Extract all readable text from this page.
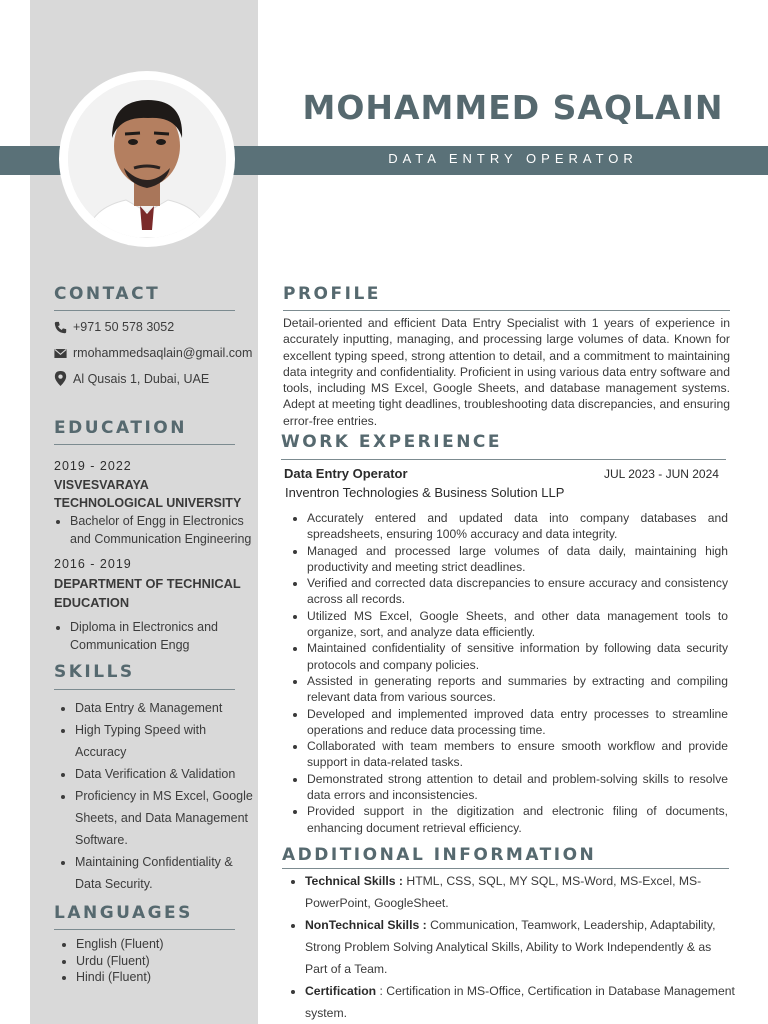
MOHAMMED SAQLAIN
DATA ENTRY OPERATOR
CONTACT
+971 50 578 3052
rmohammedsaqlain@gmail.com
Al Qusais 1, Dubai, UAE
EDUCATION
2019 - 2022
VISVESVARAYA
TECHNOLOGICAL UNIVERSITY
• Bachelor of Engg in Electronics
and Communication Engineering
2016 - 2019
DEPARTMENT OF TECHNICAL
EDUCATION
• Diploma in Electronics and
Communication Engg
SKILLS
• Data Entry & Management
• High Typing Speed with Accuracy
• Data Verification & Validation
• Proficiency in MS Excel, Google Sheets, and Data Management Software.
• Maintaining Confidentiality & Data Security.
LANGUAGES
• English (Fluent)
• Urdu (Fluent)
• Hindi (Fluent)
PROFILE

Detail-oriented and efficient Data Entry Specialist with 1 years of experience in accurately inputting, managing, and processing large volumes of data. Known for excellent typing speed, strong attention to detail, and a commitment to maintaining data integrity and confidentiality. Proficient in using various data entry software and tools, including MS Excel, Google Sheets, and database management systems. Adept at meeting tight deadlines, troubleshooting data discrepancies, and ensuring error-free entries.

WORK EXPERIENCE
Data Entry Operator	JUL 2023 - JUN 2024
Inventron Technologies & Business Solution LLP
• Accurately entered and updated data into company databases and spreadsheets, ensuring 100% accuracy and data integrity.
• Managed and processed large volumes of data daily, maintaining high productivity and meeting strict deadlines.
• Verified and corrected data discrepancies to ensure accuracy and consistency across all records.
• Utilized MS Excel, Google Sheets, and other data management tools to organize, sort, and analyze data efficiently.
• Maintained confidentiality of sensitive information by following data security protocols and company policies.
• Assisted in generating reports and summaries by extracting and compiling relevant data from various sources.
• Developed and implemented improved data entry processes to streamline operations and reduce data processing time.
• Collaborated with team members to ensure smooth workflow and provide support in data-related tasks.
• Demonstrated strong attention to detail and problem-solving skills to resolve data errors and inconsistencies.
• Provided support in the digitization and electronic filing of documents, enhancing document retrieval efficiency.
ADDITIONAL INFORMATION
• Technical Skills : HTML, CSS, SQL, MY SQL, MS-Word, MS-Excel, MS-PowerPoint, GoogleSheet.
• NonTechnical Skills : Communication, Teamwork, Leadership, Adaptability, Strong Problem Solving Analytical Skills, Ability to Work Independently & as Part of a Team.
• Certification : Certification in MS-Office, Certification in Database Management system.
